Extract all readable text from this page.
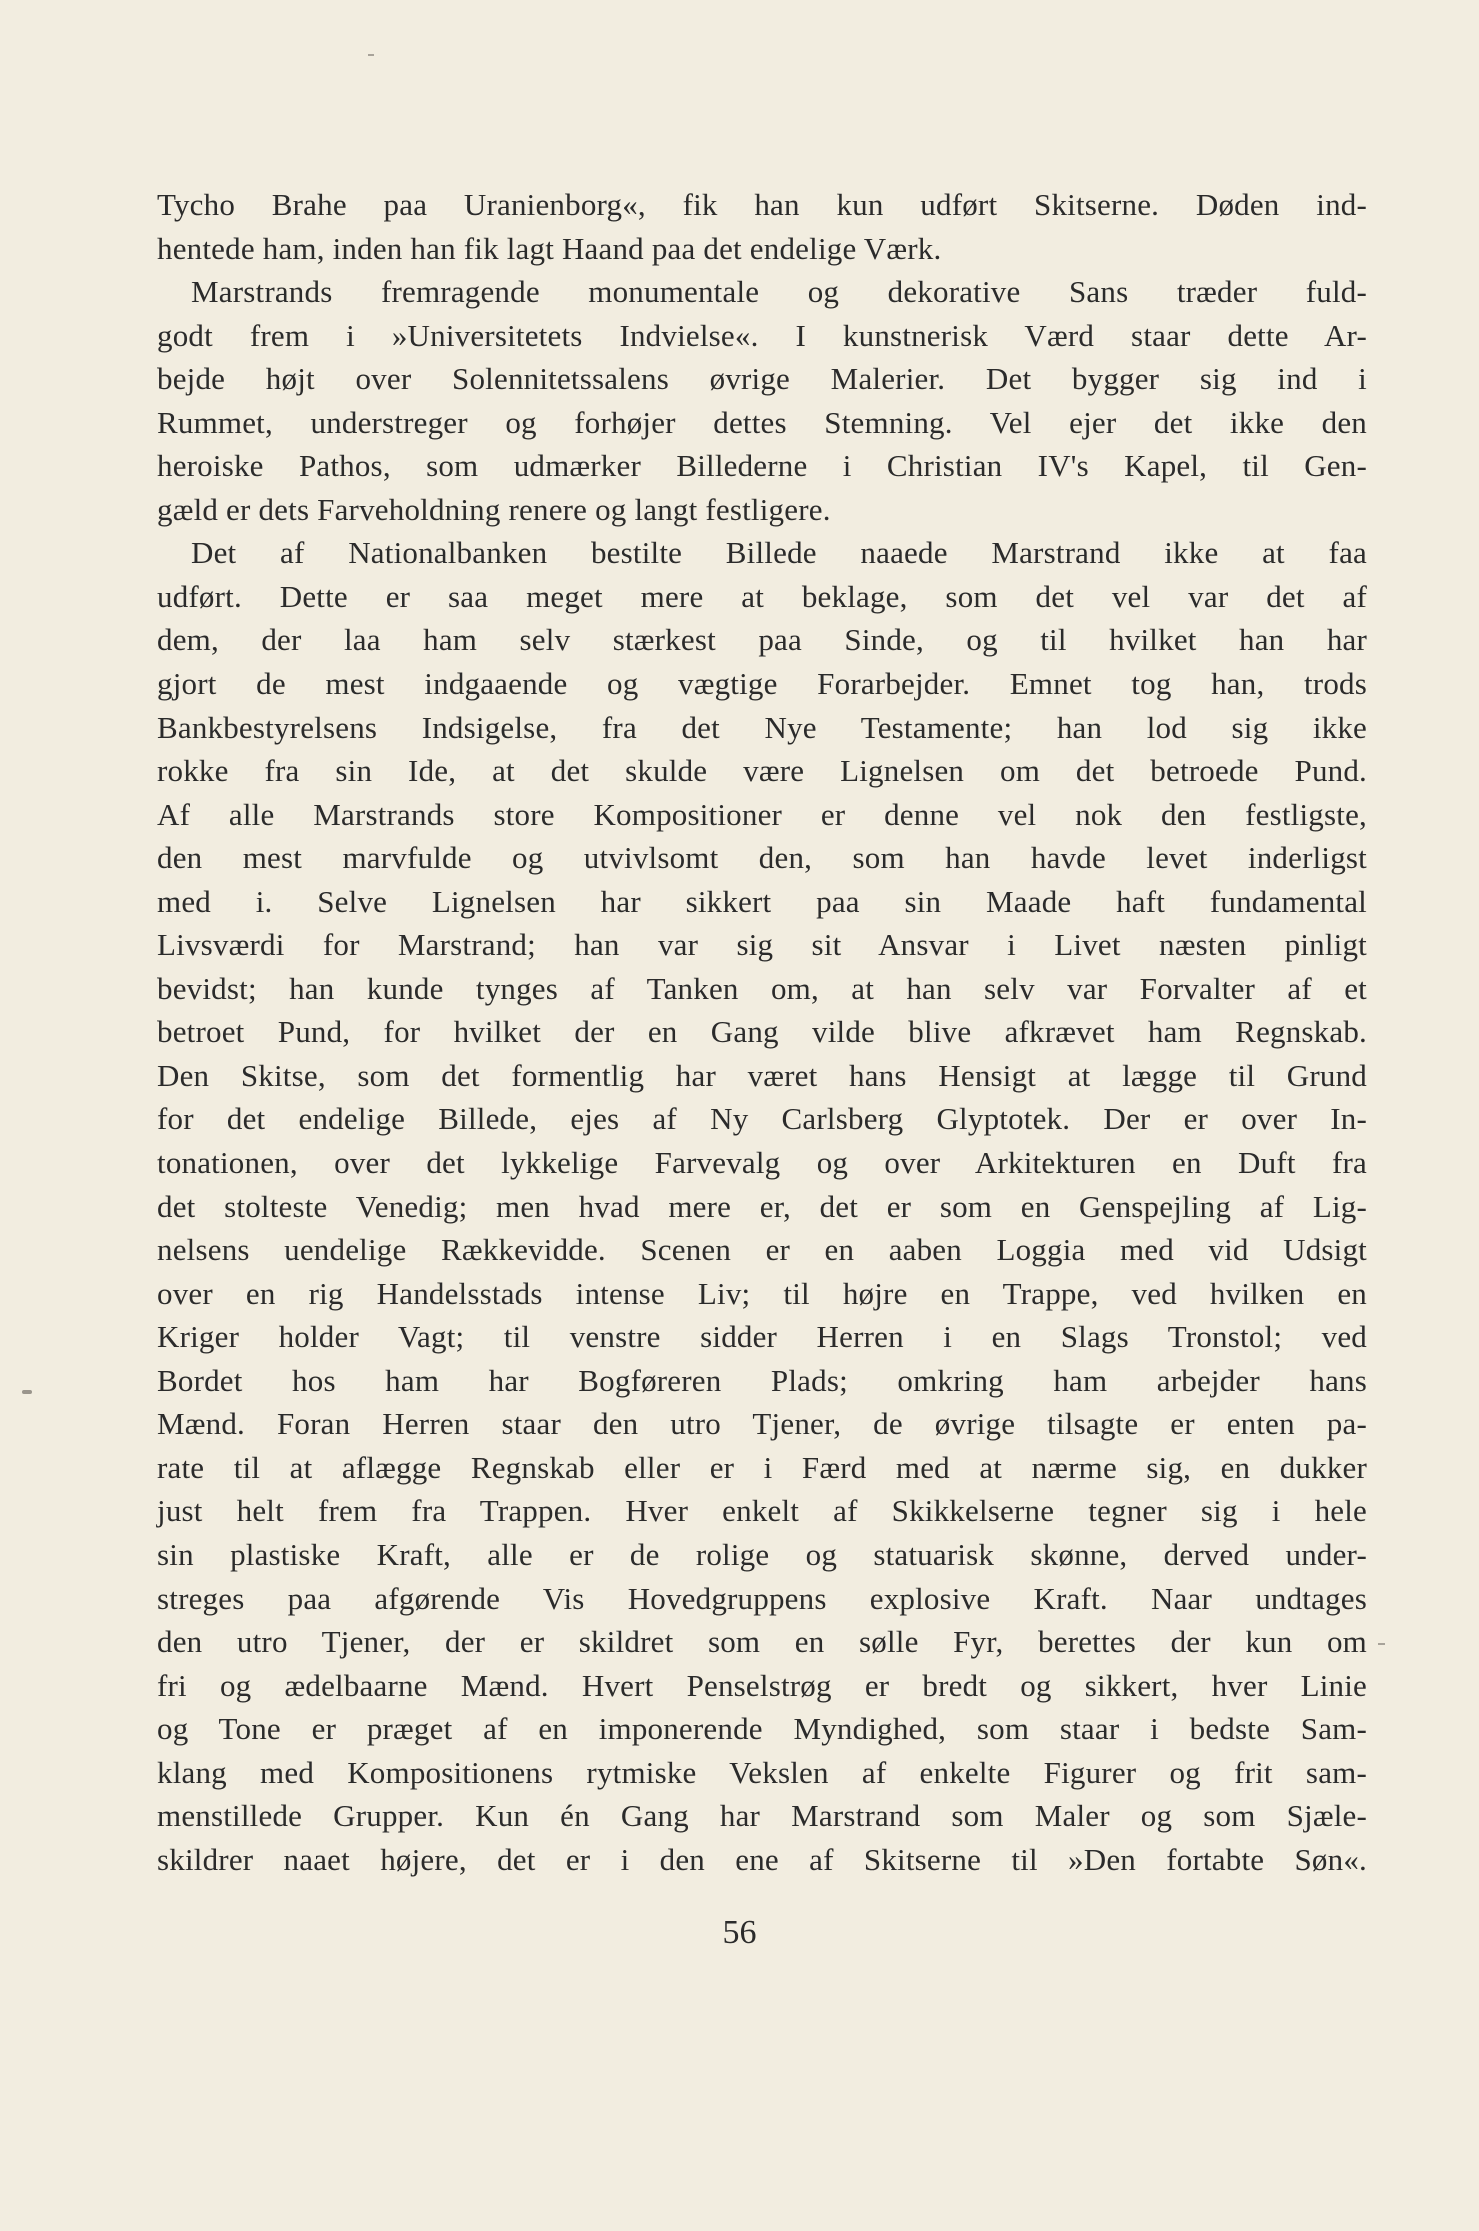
Tycho Brahe paa Uranienborg«, fik han kun udført Skitserne. Døden ind-
hentede ham, inden han fik lagt Haand paa det endelige Værk.
Marstrands fremragende monumentale og dekorative Sans træder fuld-
godt frem i »Universitetets Indvielse«. I kunstnerisk Værd staar dette Ar-
bejde højt over Solennitetssalens øvrige Malerier. Det bygger sig ind i
Rummet, understreger og forhøjer dettes Stemning. Vel ejer det ikke den
heroiske Pathos, som udmærker Billederne i Christian IV's Kapel, til Gen-
gæld er dets Farveholdning renere og langt festligere.
Det af Nationalbanken bestilte Billede naaede Marstrand ikke at faa
udført. Dette er saa meget mere at beklage, som det vel var det af
dem, der laa ham selv stærkest paa Sinde, og til hvilket han har
gjort de mest indgaaende og vægtige Forarbejder. Emnet tog han, trods
Bankbestyrelsens Indsigelse, fra det Nye Testamente; han lod sig ikke
rokke fra sin Ide, at det skulde være Lignelsen om det betroede Pund.
Af alle Marstrands store Kompositioner er denne vel nok den festligste,
den mest marvfulde og utvivlsomt den, som han havde levet inderligst
med i. Selve Lignelsen har sikkert paa sin Maade haft fundamental
Livsværdi for Marstrand; han var sig sit Ansvar i Livet næsten pinligt
bevidst; han kunde tynges af Tanken om, at han selv var Forvalter af et
betroet Pund, for hvilket der en Gang vilde blive afkrævet ham Regnskab.
Den Skitse, som det formentlig har været hans Hensigt at lægge til Grund
for det endelige Billede, ejes af Ny Carlsberg Glyptotek. Der er over In-
tonationen, over det lykkelige Farvevalg og over Arkitekturen en Duft fra
det stolteste Venedig; men hvad mere er, det er som en Genspejling af Lig-
nelsens uendelige Rækkevidde. Scenen er en aaben Loggia med vid Udsigt
over en rig Handelsstads intense Liv; til højre en Trappe, ved hvilken en
Kriger holder Vagt; til venstre sidder Herren i en Slags Tronstol; ved
Bordet hos ham har Bogføreren Plads; omkring ham arbejder hans
Mænd. Foran Herren staar den utro Tjener, de øvrige tilsagte er enten pa-
rate til at aflægge Regnskab eller er i Færd med at nærme sig, en dukker
just helt frem fra Trappen. Hver enkelt af Skikkelserne tegner sig i hele
sin plastiske Kraft, alle er de rolige og statuarisk skønne, derved under-
streges paa afgørende Vis Hovedgruppens explosive Kraft. Naar undtages
den utro Tjener, der er skildret som en sølle Fyr, berettes der kun om
fri og ædelbaarne Mænd. Hvert Penselstrøg er bredt og sikkert, hver Linie
og Tone er præget af en imponerende Myndighed, som staar i bedste Sam-
klang med Kompositionens rytmiske Vekslen af enkelte Figurer og frit sam-
menstillede Grupper. Kun én Gang har Marstrand som Maler og som Sjæle-
skildrer naaet højere, det er i den ene af Skitserne til »Den fortabte Søn«.
56
